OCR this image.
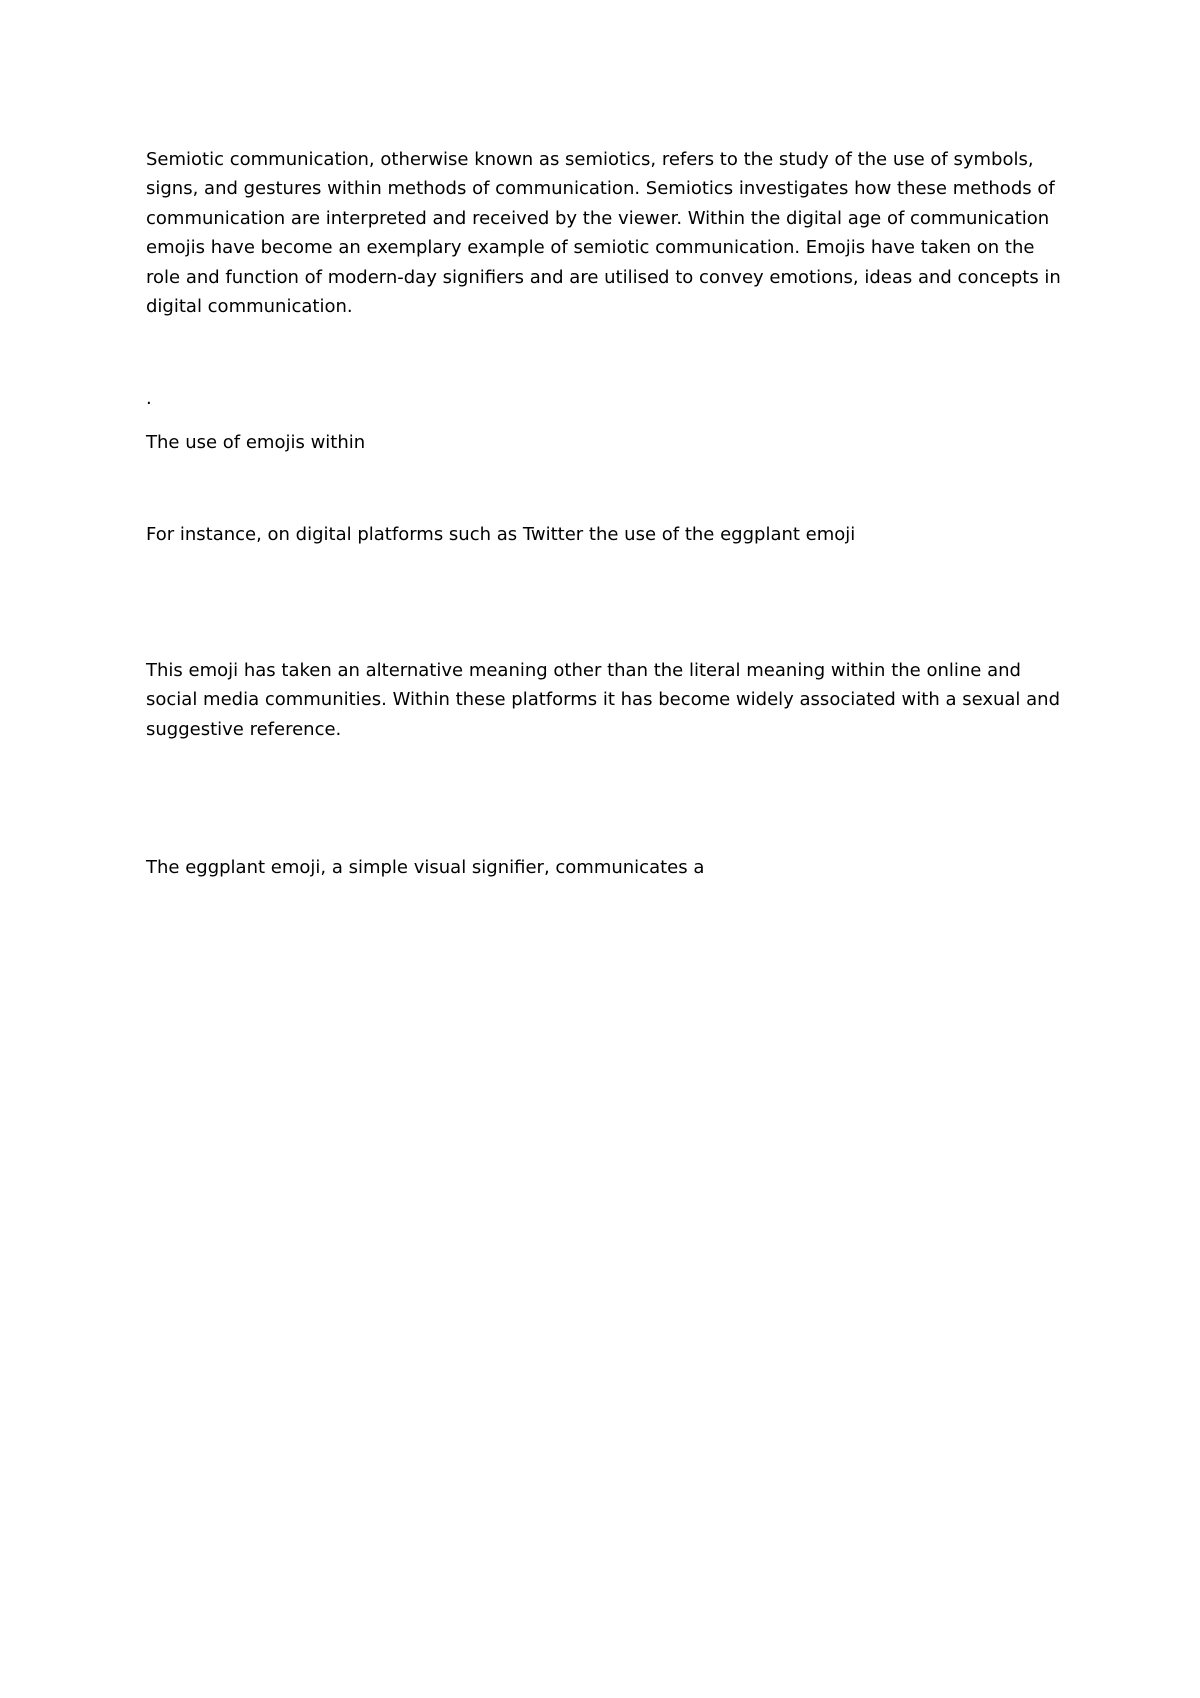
Semiotic communication, otherwise known as semiotics, refers to the study of the use of symbols,
signs, and gestures within methods of communication. Semiotics investigates how these methods of
communication are interpreted and received by the viewer. Within the digital age of communication
emojis have become an exemplary example of semiotic communication. Emojis have taken on the
role and function of modern-day signifiers and are utilised to convey emotions, ideas and concepts in
digital communication.

.

The use of emojis within

For instance, on digital platforms such as Twitter the use of the eggplant emoji

This emoji has taken an alternative meaning other than the literal meaning within the online and
social media communities. Within these platforms it has become widely associated with a sexual and
suggestive reference.

The eggplant emoji, a simple visual signifier, communicates a
